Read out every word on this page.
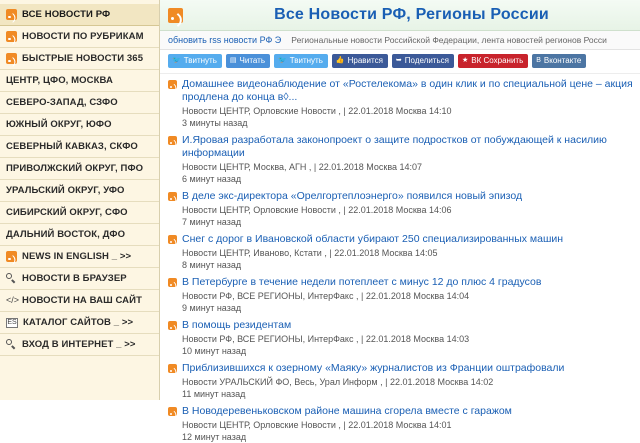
ВСЕ НОВОСТИ РФ
НОВОСТИ ПО РУБРИКАМ
БЫСТРЫЕ НОВОСТИ 365
ЦЕНТР, ЦФО, МОСКВА
СЕВЕРО-ЗАПАД, СЗФО
ЮЖНЫЙ ОКРУГ, ЮФО
СЕВЕРНЫЙ КАВКАЗ, СКФО
ПРИВОЛЖСКИЙ ОКРУГ, ПФО
УРАЛЬСКИЙ ОКРУГ, УФО
СИБИРСКИЙ ОКРУГ, СФО
ДАЛЬНИЙ ВОСТОК, ДФО
NEWS IN ENGLISH _ >>
НОВОСТИ В БРАУЗЕР
</> НОВОСТИ НА ВАШ САЙТ
ES КАТАЛОГ САЙТОВ _ >>
ВХОД В ИНТЕРНЕТ _ >>
Все Новости РФ, Регионы России
обновить rss новости РФ Э Региональные новости Российской Федерации, лента новостей регионов Росси
🐦 Твитнуть ▤ Читать 🐦 Твитнуть 👍 Нравится ➥ Поделиться ★ ВК Сохранить B Вконтакте
Домашнее видеонаблюдение от «Ростелекома» в один клик и по специальной цене – акция продлена до конца в◊...
Новости ЦЕНТР, Орловские Новости , | 22.01.2018 Москва 14:10
3 минуты назад
И.Яровая разработала законопроект о защите подростков от побуждающей к насилию информации
Новости ЦЕНТР, Москва, АГН , | 22.01.2018 Москва 14:07
6 минут назад
В деле экс-директора «Орелгортеплоэнерго» появился новый эпизод
Новости ЦЕНТР, Орловские Новости , | 22.01.2018 Москва 14:06
7 минут назад
Снег с дорог в Ивановской области убирают 250 специализированных машин
Новости ЦЕНТР, Иваново, Кстати , | 22.01.2018 Москва 14:05
8 минут назад
В Петербурге в течение недели потеплеет с минус 12 до плюс 4 градусов
Новости РФ, ВСЕ РЕГИОНЫ, ИнтерФакс , | 22.01.2018 Москва 14:04
9 минут назад
В помощь резидентам
Новости РФ, ВСЕ РЕГИОНЫ, ИнтерФакс , | 22.01.2018 Москва 14:03
10 минут назад
Приблизившихся к озерному «Маяку» журналистов из Франции оштрафовали
Новости УРАЛЬСКИЙ ФО, Весь, Урал Информ , | 22.01.2018 Москва 14:02
11 минут назад
В Новодеревеньковском районе машина сгорела вместе с гаражом
Новости ЦЕНТР, Орловские Новости , | 22.01.2018 Москва 14:01
12 минут назад
